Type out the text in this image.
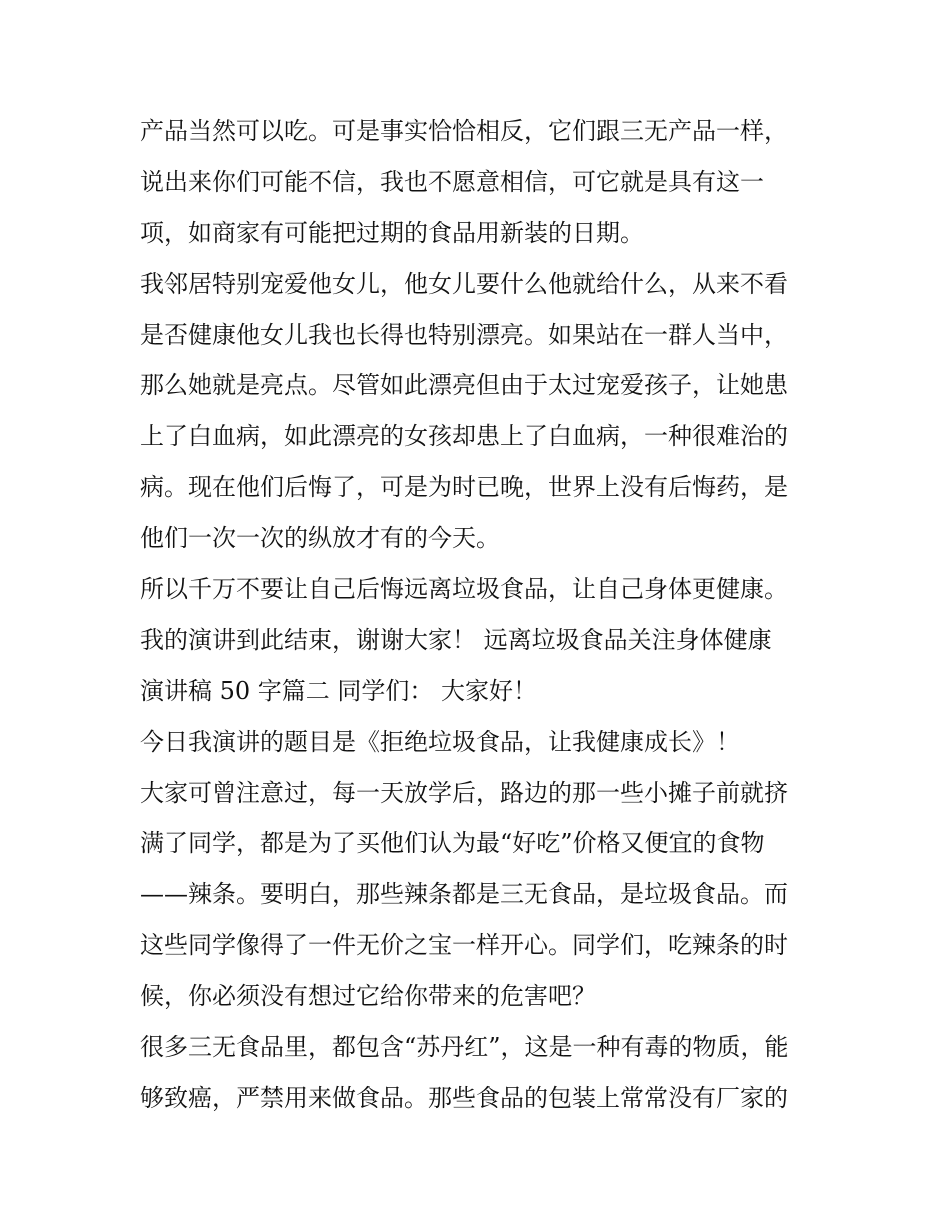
产品当然可以吃。可是事实恰恰相反，它们跟三无产品一样，
说出来你们可能不信，我也不愿意相信，可它就是具有这一
项，如商家有可能把过期的食品用新装的日期。
我邻居特别宠爱他女儿，他女儿要什么他就给什么，从来不看
是否健康他女儿我也长得也特别漂亮。如果站在一群人当中，
那么她就是亮点。尽管如此漂亮但由于太过宠爱孩子，让她患
上了白血病，如此漂亮的女孩却患上了白血病，一种很难治的
病。现在他们后悔了，可是为时已晚，世界上没有后悔药，是
他们一次一次的纵放才有的今天。
所以千万不要让自己后悔远离垃圾食品，让自己身体更健康。
我的演讲到此结束，谢谢大家！ 远离垃圾食品关注身体健康
演讲稿 50 字篇二 同学们： 大家好！
今日我演讲的题目是《拒绝垃圾食品，让我健康成长》！
大家可曾注意过，每一天放学后，路边的那一些小摊子前就挤
满了同学，都是为了买他们认为最“好吃”价格又便宜的食物
——辣条。要明白，那些辣条都是三无食品，是垃圾食品。而
这些同学像得了一件无价之宝一样开心。同学们，吃辣条的时
候，你必须没有想过它给你带来的危害吧？
很多三无食品里，都包含“苏丹红”，这是一种有毒的物质，能
够致癌，严禁用来做食品。那些食品的包装上常常没有厂家的
